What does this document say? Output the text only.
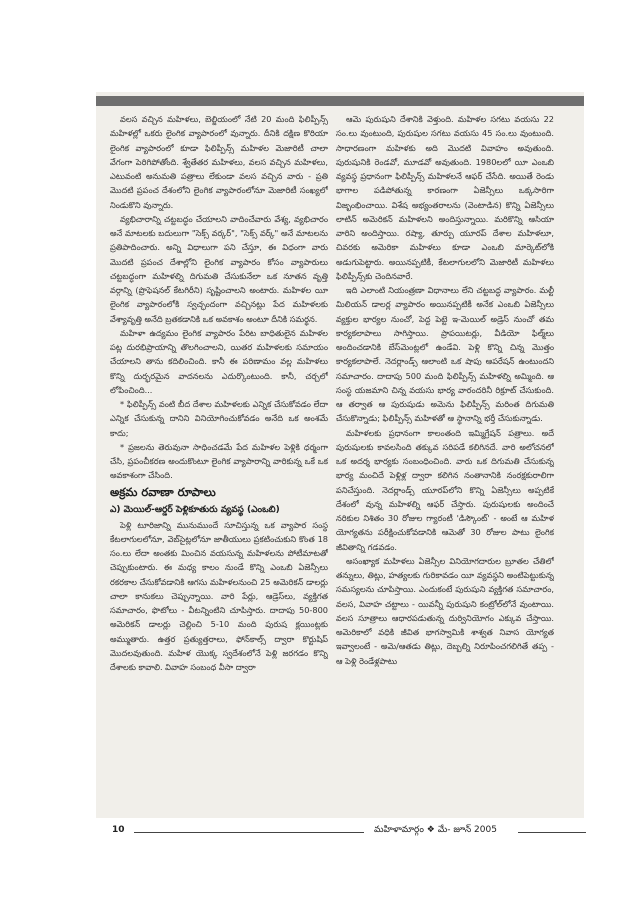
వలస వచ్చిన మహిళలు, బెల్జియంలో నేటి 20 మంది ఫిలిప్పీన్స్ మహిళల్లో ఒకరు లైంగిక వ్యాపారంలో వున్నారు. దీనికి దక్షిణ కొరియా లైంగిక వ్యాపారంలో కూడా ఫిలిప్పీన్స్ మహిళల మెజారిటీ చాలా వేగంగా పెరిగిపోతోంది. శ్వేతేతర మహిళలు, వలస వచ్చిన మహిళలు, ఎటువంటి అనుమతి పత్రాలు లేకుండా వలస వచ్చిన వారు - ప్రతి మొదటి ప్రపంచ దేశంలోని లైంగిక వ్యాపారంలోనూ మెజారిటీ సంఖ్యలో నిండుకొని వున్నారు.

వ్యభిచారాన్ని చట్టబద్ధం చేయాలని వాదించేవారు వేశ్య, వ్యభిచారం అనే మాటలకు బదులుగా "సెక్స్ వర్కర్", "సెక్స్ వర్క్" అనే మాటలను ప్రతిపాదించారు. అన్ని విధాలుగా పని చేస్తూ, ఈ విధంగా వారు మొదటి ప్రపంచ దేశాల్లోని లైంగిక వ్యాపారం కోసం వ్యాపారులు చట్టబద్ధంగా మహిళల్ని దిగుమతి చేసుకునేలా ఒక నూతన వృత్తి వర్గాన్ని (ప్రొఫెషనల్ కేటగిరీని) సృష్టించాలని అంటారు. మహిళల యీ లైంగిక వ్యాపారంలోకి స్వచ్ఛందంగా వచ్చినట్లు పేద మహిళలకు వేశ్యావృత్తి అనేది బ్రతకడానికి ఒక అవకాశం అంటూ దీనికి సమర్థన.

మహిళా ఉద్యమం లైంగిక వ్యాపారం పేరిట బాధితులైన మహిళల పట్ల దురభిప్రాయాన్ని తొలగించాలని, యితర మహిళలకు సమాయం చేయాలని తాను కదిలించింది. కానీ ఈ పరిణామం వల్ల మహిళలు కొన్ని దుర్భరమైన వాదనలను ఎదుర్కొంటుంది. కానీ, చర్చలో లోపించింది...

* ఫిలిప్పీన్స్ వంటి బీద దేశాల మహిళలకు ఎన్నిక చేసుకోవడం లేదా ఎన్నిక చేసుకున్న దానిని వినియోగించుకోవడం అనేది ఒక అంశమే కాదు;

* ప్రజలను తెరువునా సాధించడమే పేద మహిళల పెళ్లికి ధర్మంగా చేసి, ప్రపంచీకరణ అందుకొంటూ లైంగిక వ్యాపారాన్ని వారికున్న ఒకే ఒక అవకాశంగా చేసింది.

అక్రమ రవాణా రూపాలు
ఎ) మెయిల్-ఆర్డర్ పెళ్లికూతురు వ్యవస్థ (ఎంఒబి)

పెళ్లి టూరిజాన్ని మునుముందే సూచిస్తున్న ఒక వ్యాపార సంస్థ కేటలాగులలోనూ, వెబ్‌సైట్లలోనూ జాతీయులు ప్రకటించుకుని కొంత 18 సం.లు లేదా అంతకు మించిన వయసున్న మహిళలను పోటీమాటతో చెప్పుకుంటారు. ఈ మధ్య కాలం నుండే కొన్ని ఎంఒబి ఏజెన్సీలు రకరకాల చేసుకోవడానికి ఆగసు మహిళలనుంచి 25 అమెరికన్ డాలర్లు చాలా కానుకలు చెప్పున్నాయి. వారి పేర్లు, ఆడ్రెస్‌లు, వ్యక్తిగత సమాచారం, ఫొటోలు - వీటన్నింటిని చూపిస్తారు. దాదాపు 50-800 అమెరికన్ డాలర్లు చెల్లించి 5-10 మంది పురుష క్లయింట్లకు అమ్ముతారు. ఉత్తర ప్రత్యుత్తరాలు, ఫోన్‌కాల్స్ ద్వారా కొర్టుషిప్ మొదలవుతుంది. మహిళ యొక్క స్వదేశంలోనే పెళ్లి జరగడం కొన్ని దేశాలకు కావాలి. వివాహ సంబంధ వీసా ద్వారా

ఆమె పురుషుని దేశానికి వెళ్తుంది. మహిళల సగటు వయసు 22 సం.లు వుంటుంది, పురుషుల సగటు వయసు 45 సం.లు వుంటుంది. సాధారణంగా మహిళకు అది మొదటి వివాహం అవుతుంది. పురుషునికి రెండవో, మూడవో అవుతుంది. 1980లలో యీ ఎంఒబి వ్యవస్థ ప్రధానంగా ఫిలిప్పీన్స్ మహిళలనే ఆఫర్ చేసేది. అయితే రెండు భాగాల పడిపోతున్న కారణంగా ఏజెన్సీలు ఒక్కసారిగా విజృంభించాయి. విశేష అభ్యంతరాలను (వెంటాడిన) కొన్ని ఏజెన్సీలు లాటిన్ అమెరికన్ మహిళలని అందిస్తున్నాయి. మరికొన్ని ఆసియా వారిని అందిస్తాయి. రష్యా, తూర్పు యూరప్ దేశాల మహిళలూ, చివరకు అమెరికా మహిళలు కూడా ఎంఒబి మార్కెట్‌లోకి అడుగుపెట్టారు. అయినప్పటికీ, కేటలాగులలోని మెజారిటీ మహిళలు ఫిలిప్పీన్స్‌కు చెందినవారే.

ఇది ఎలాంటి నియంత్రణా విధానాలు లేని చట్టబద్ధ వ్యాపారం. మల్టీ మిలియన్ డాలర్ల వ్యాపారం అయినప్పటికీ అనేక ఎంఒబి ఏజెన్సీలు వ్యక్తుల భార్యల నుంచో, పెద్ద పెట్టె ఇ-మెయిల్ అడ్రెస్ నుంచో తమ కార్యకలాపాలు సాగిస్తాయి. ప్రాపయిటర్లు, వీడియో ఫిల్మ్‌లు అందించడానికి బేస్‌మెంట్లలో ఉండేవి. పెళ్లి కొన్ని చిన్న మొత్తం కార్యకలాపాలే. నెదర్లాండ్స్ ఆలాంటి ఒక షాపు ఆపరేషన్ ఉంటుందని సమాచారం. దాదాపు 500 మంది ఫిలిప్పీన్స్ మహిళల్ని అమ్మింది. ఆ సంస్థ యజమాని చిన్న వయసు భార్య వారందరినీ రిక్రూట్ చేసుకుంది. ఆ తర్వాత ఆ పురుషుడు అమెను ఫిలిప్పీన్స్ మరింత దిగుమతి చేసుకొన్నాడు; ఫిలిప్పీన్స్ మహిళతో ఆ స్థానాన్ని భర్తీ చేసుకున్నాడు.

మహిళలకు ప్రధానంగా కాలంతంది ఇమ్మిగ్రేషన్ పత్రాలు. అదే పురుషులకు కావలసింది తక్కువ సరిపడే కలిగినదే. వారి అలోచనలో ఒక అదర్శ భార్యకు సంబంధించింది. వారు ఒక దిగుమతి చేసుకున్న భార్య మంచిదే పెళ్లిళ్ల ద్వారా కలిగిన నంతానానికి నంరక్షకురాలిగా పనిచేస్తుంది. నెదర్లాండ్స్ యూరప్‌లోని కొన్ని ఏజెన్సీలు అప్పటికే దేశంలో వున్న మహిళల్ని ఆఫర్ చేస్తారు. పురుషులకు అందించే నరికుల నిశితం 30 రోజుల గ్యారంటీ 'డిస్కౌంట్' - అంటే ఆ మహిళ యోగ్యతను పరీక్షించుకోవడానికి ఆమెతో 30 రోజుల పాటు లైంగిక జీవితాన్ని గడవడం.

అసంఖ్యాక మహిళలు ఏజెన్సీల వినియోగదారుల బ్రూతల చేతిలో తన్నులు, తిట్లు, హత్యలకు గురికావడం యీ వ్యవస్థని అంటిపెట్టుకున్న సమస్యలను చూపిస్తాయి. ఎందుకంటే పురుషుని వ్యక్తిగత సమాచారం, వలస, వివాహ చట్టాలు - యివన్నీ పురుషుని కంట్రోల్‌లోనే వుంటాయి. వలస సూత్రాలు ఆధారపడుతున్న దుర్వినియోగం ఎక్కువ చేస్తాయి. అమెరికాలో వధికి జీవిత భాగస్వామికి శాశ్వత నివాస యోగ్యత ఇవ్వాలంటే - అమె/ఆతడు తిట్లు, దెబ్బల్ని నిరూపించగలిగితే తప్ప - ఆ పెళ్లి రెండేళ్లపాటు

10	మహిళామార్గం ❖ మే- జూన్ 2005
